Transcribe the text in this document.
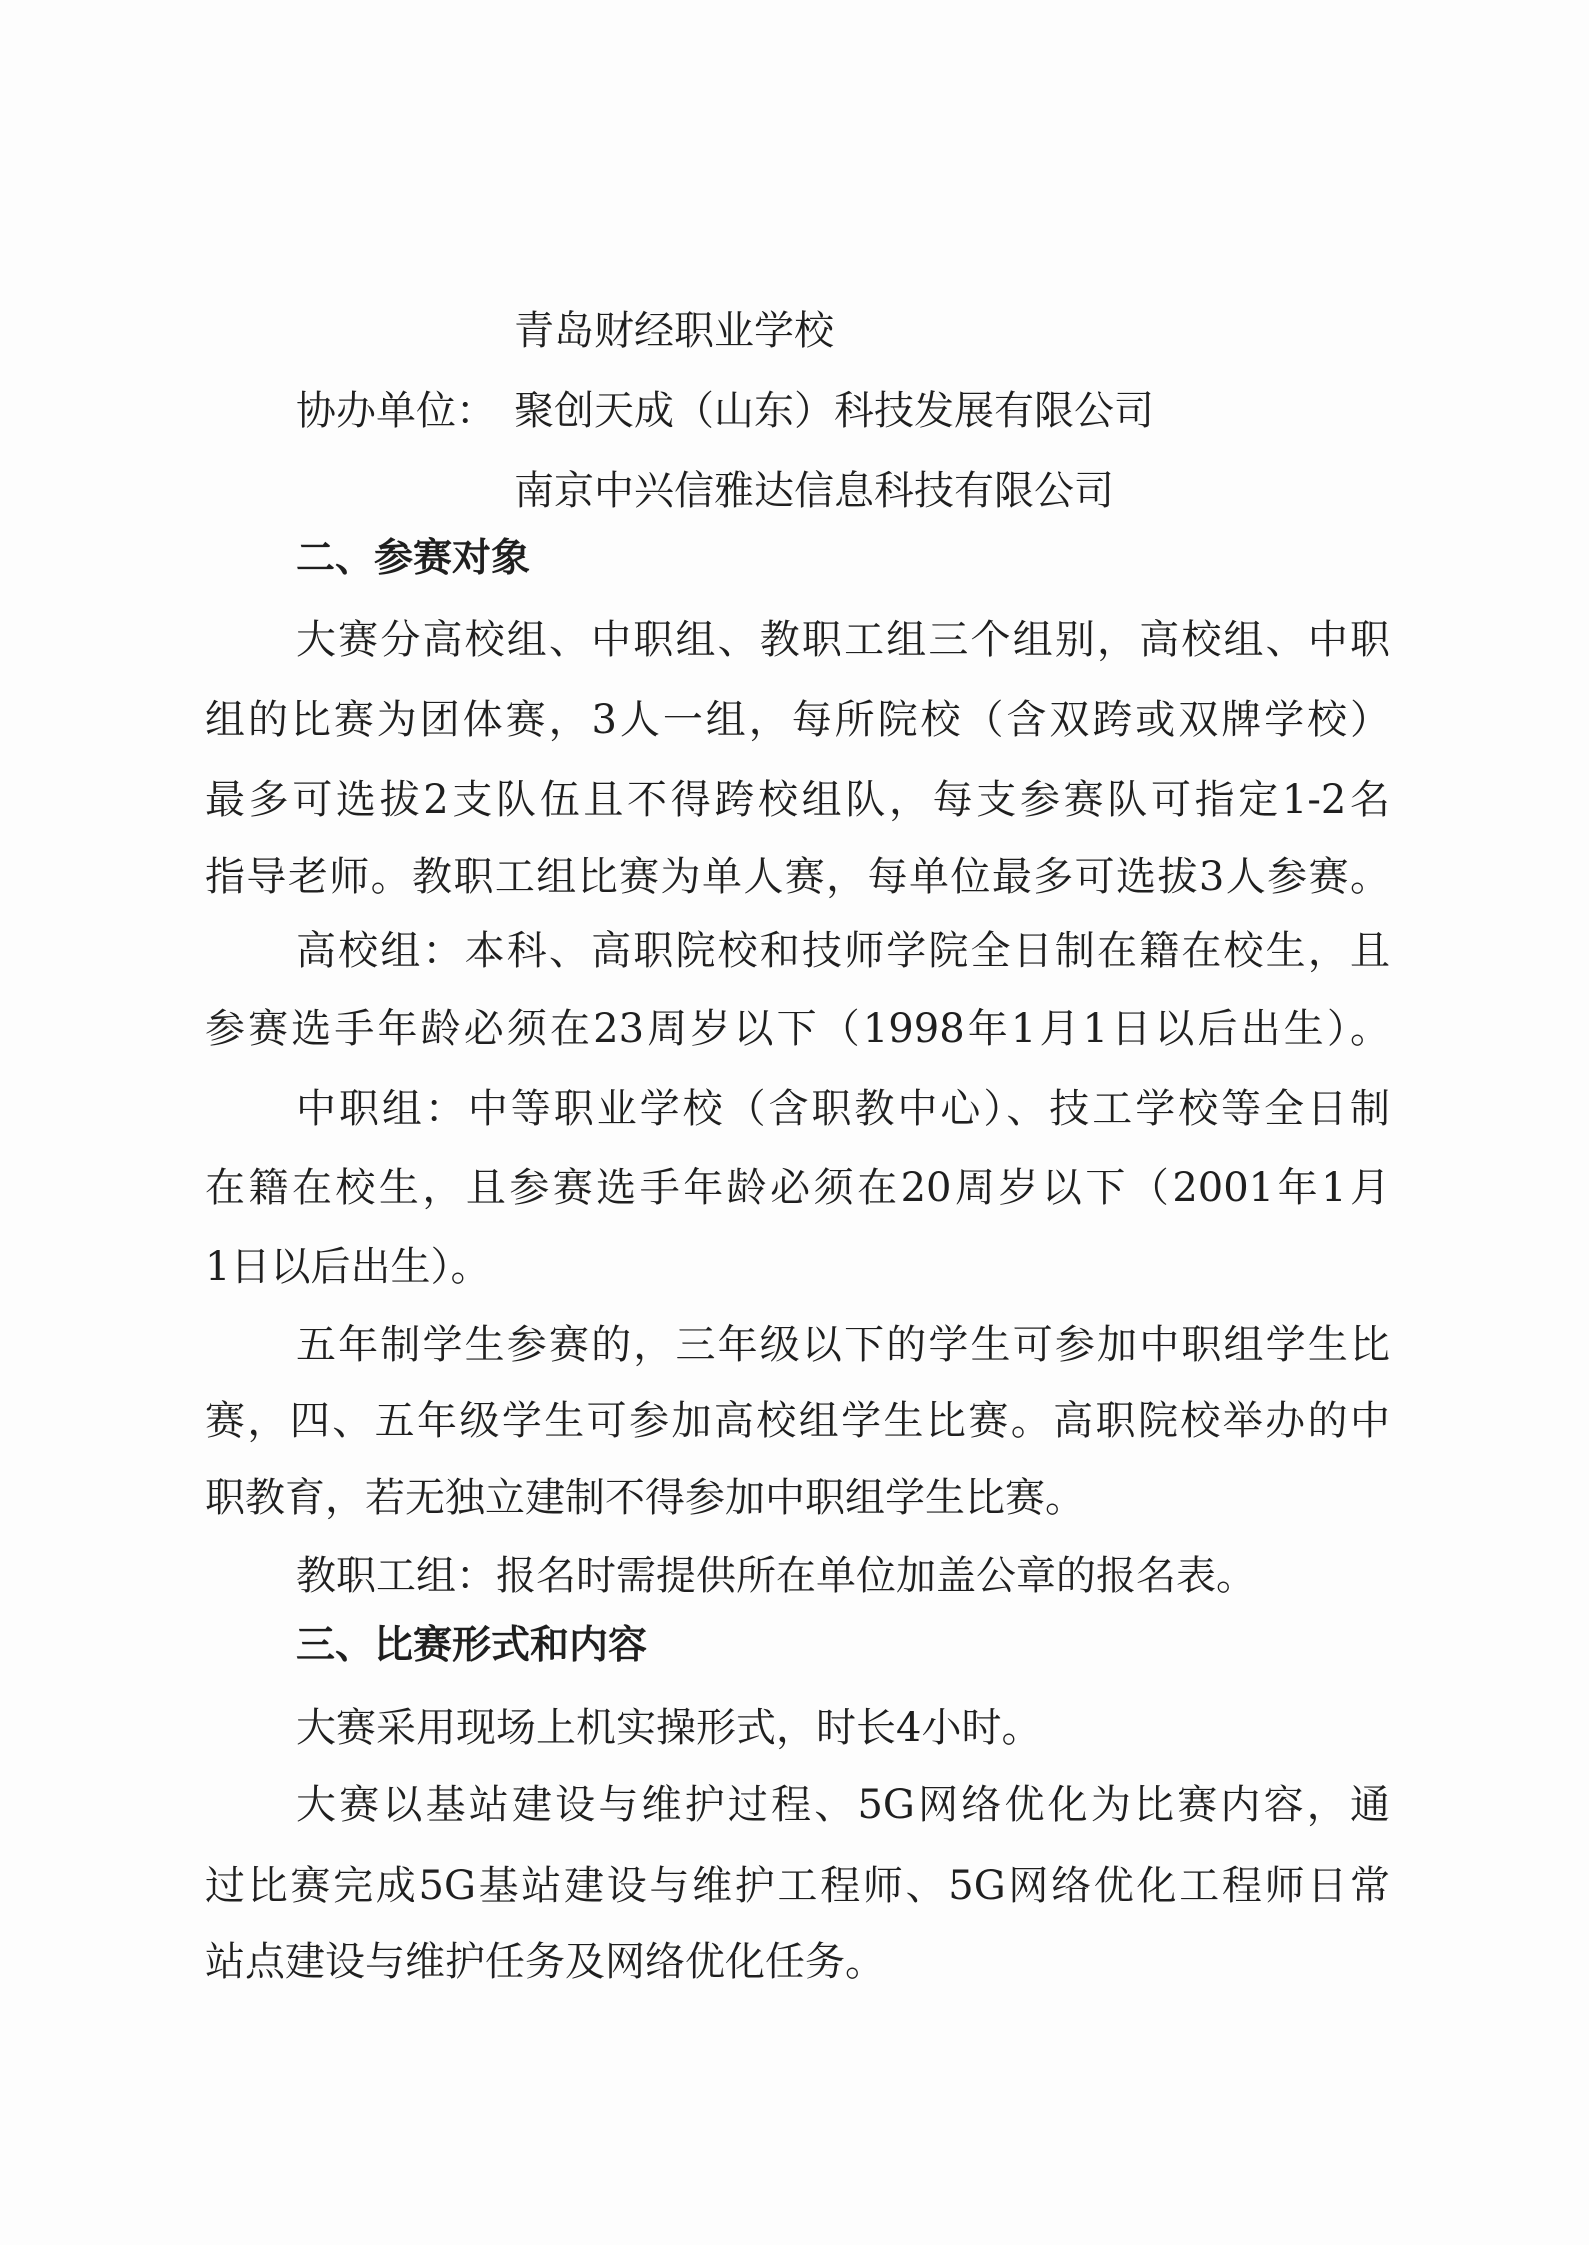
青岛财经职业学校
协办单位： 聚创天成（山东）科技发展有限公司
南京中兴信雅达信息科技有限公司
二、参赛对象
大赛分高校组、中职组、教职工组三个组别，高校组、中职
组的比赛为团体赛，3人一组，每所院校（含双跨或双牌学校）
最多可选拔2支队伍且不得跨校组队，每支参赛队可指定1-2名
指导老师。教职工组比赛为单人赛，每单位最多可选拔3人参赛。
高校组：本科、高职院校和技师学院全日制在籍在校生，且
参赛选手年龄必须在23周岁以下（1998年1月1日以后出生）。
中职组：中等职业学校（含职教中心）、技工学校等全日制
在籍在校生，且参赛选手年龄必须在20周岁以下（2001年1月
1日以后出生）。
五年制学生参赛的，三年级以下的学生可参加中职组学生比
赛，四、五年级学生可参加高校组学生比赛。高职院校举办的中
职教育，若无独立建制不得参加中职组学生比赛。
教职工组：报名时需提供所在单位加盖公章的报名表。
三、比赛形式和内容
大赛采用现场上机实操形式，时长4小时。
大赛以基站建设与维护过程、5G网络优化为比赛内容，通
过比赛完成5G基站建设与维护工程师、5G网络优化工程师日常
站点建设与维护任务及网络优化任务。
